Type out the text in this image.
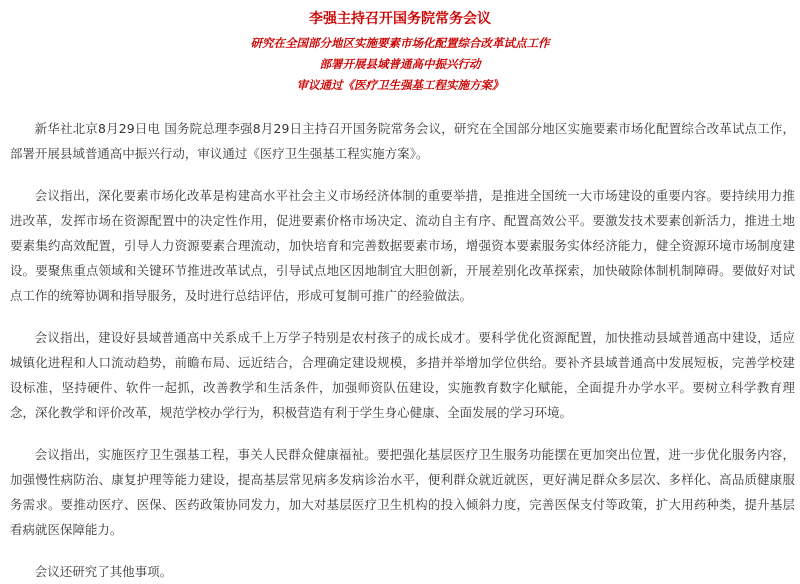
李强主持召开国务院常务会议

研究在全国部分地区实施要素市场化配置综合改革试点工作

部署开展县域普通高中振兴行动

审议通过《医疗卫生强基工程实施方案》

新华社北京8月29日电 国务院总理李强8月29日主持召开国务院常务会议，研究在全国部分地区实施要素市场化配置综合改革试点工作，部署开展县域普通高中振兴行动，审议通过《医疗卫生强基工程实施方案》。

会议指出，深化要素市场化改革是构建高水平社会主义市场经济体制的重要举措，是推进全国统一大市场建设的重要内容。要持续用力推进改革，发挥市场在资源配置中的决定性作用，促进要素价格市场决定、流动自主有序、配置高效公平。要激发技术要素创新活力，推进土地要素集约高效配置，引导人力资源要素合理流动，加快培育和完善数据要素市场，增强资本要素服务实体经济能力，健全资源环境市场制度建设。要聚焦重点领域和关键环节推进改革试点，引导试点地区因地制宜大胆创新，开展差别化改革探索，加快破除体制机制障碍。要做好对试点工作的统筹协调和指导服务，及时进行总结评估，形成可复制可推广的经验做法。

会议指出，建设好县域普通高中关系成千上万学子特别是农村孩子的成长成才。要科学优化资源配置，加快推动县域普通高中建设，适应城镇化进程和人口流动趋势，前瞻布局、远近结合，合理确定建设规模，多措并举增加学位供给。要补齐县域普通高中发展短板，完善学校建设标准，坚持硬件、软件一起抓，改善教学和生活条件，加强师资队伍建设，实施教育数字化赋能，全面提升办学水平。要树立科学教育理念，深化教学和评价改革，规范学校办学行为，积极营造有利于学生身心健康、全面发展的学习环境。

会议指出，实施医疗卫生强基工程，事关人民群众健康福祉。要把强化基层医疗卫生服务功能摆在更加突出位置，进一步优化服务内容，加强慢性病防治、康复护理等能力建设，提高基层常见病多发病诊治水平，便利群众就近就医，更好满足群众多层次、多样化、高品质健康服务需求。要推动医疗、医保、医药政策协同发力，加大对基层医疗卫生机构的投入倾斜力度，完善医保支付等政策，扩大用药种类，提升基层看病就医保障能力。

会议还研究了其他事项。
